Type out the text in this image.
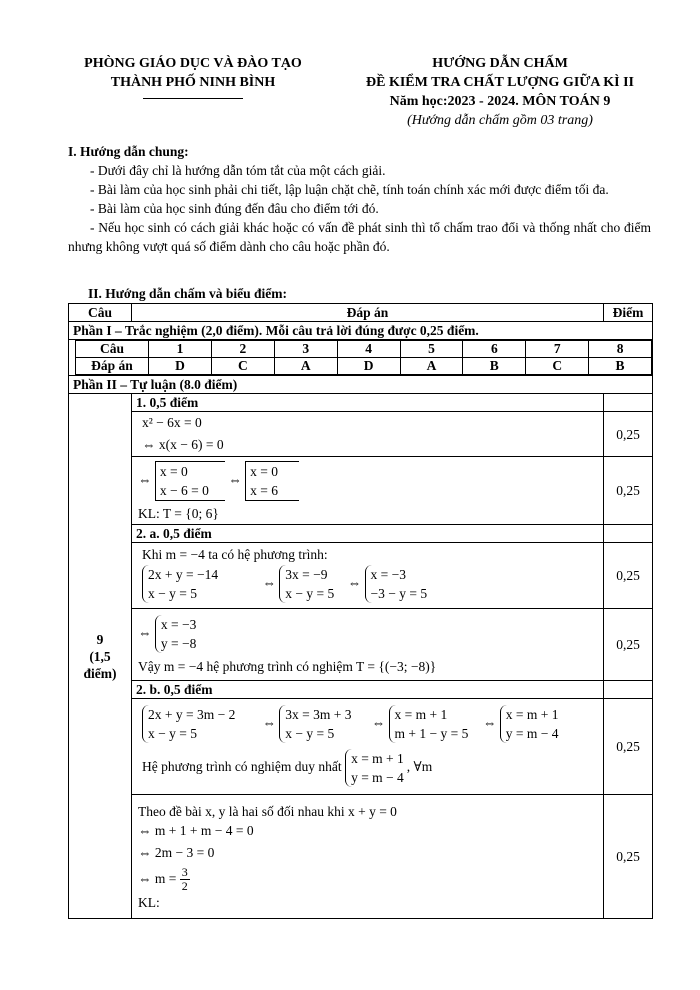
PHÒNG GIÁO DỤC VÀ ĐÀO TẠO
THÀNH PHỐ NINH BÌNH
HƯỚNG DẪN CHẤM
ĐỀ KIỂM TRA CHẤT LƯỢNG GIỮA KÌ II
Năm học:2023 - 2024. MÔN TOÁN 9
(Hướng dẫn chấm gồm 03 trang)

I. Hướng dẫn chung:

- Dưới đây chỉ là hướng dẫn tóm tắt của một cách giải.

- Bài làm của học sinh phải chi tiết, lập luận chặt chẽ, tính toán chính xác mới được điểm tối đa.

- Bài làm của học sinh đúng đến đâu cho điểm tới đó.

- Nếu học sinh có cách giải khác hoặc có vấn đề phát sinh thì tổ chấm trao đổi và thống nhất cho điểm nhưng không vượt quá số điểm dành cho câu hoặc phần đó.

II. Hướng dẫn chấm và biểu điểm:
Câu	Đáp án	Điểm
Phần I – Trắc nghiệm (2,0 điểm). Mỗi câu trả lời đúng được 0,25 điểm.

Câu	1	2	3	4	5	6	7	8
Đáp án	D	C	A	D	A	B	C	B

Phần II – Tự luận (8.0 điểm)

9
(1,5 điểm)
	1. 0,5 điểm	

x² − 6x = 0
⇔ x(x − 6) = 0
	0,25

⇔
x = 0
x − 6 = 0
⇔
x = 0
x = 6
KL: T = {0; 6}
	0,25
2. a. 0,5 điểm	

Khi m = −4 ta có hệ phương trình:
2x + y = −14
x − y = 5
⇔
3x = −9
x − y = 5
⇔
x = −3
−3 − y = 5
	0,25

⇔
x = −3
y = −8
Vậy m = −4 hệ phương trình có nghiệm T = {(−3; −8)}
	0,25
2. b. 0,5 điểm	

2x + y = 3m − 2
x − y = 5
⇔
3x = 3m + 3
x − y = 5
⇔
x = m + 1
m + 1 − y = 5
⇔
x = m + 1
y = m − 4
Hệ phương trình có nghiệm duy nhất
x = m + 1
y = m − 4
, ∀m
	0,25

Theo đề bài x, y là hai số đối nhau khi x + y = 0
⇔ m + 1 + m − 4 = 0
⇔ 2m − 3 = 0
⇔ $m = \frac{3}{2}$
KL:
	0,25
